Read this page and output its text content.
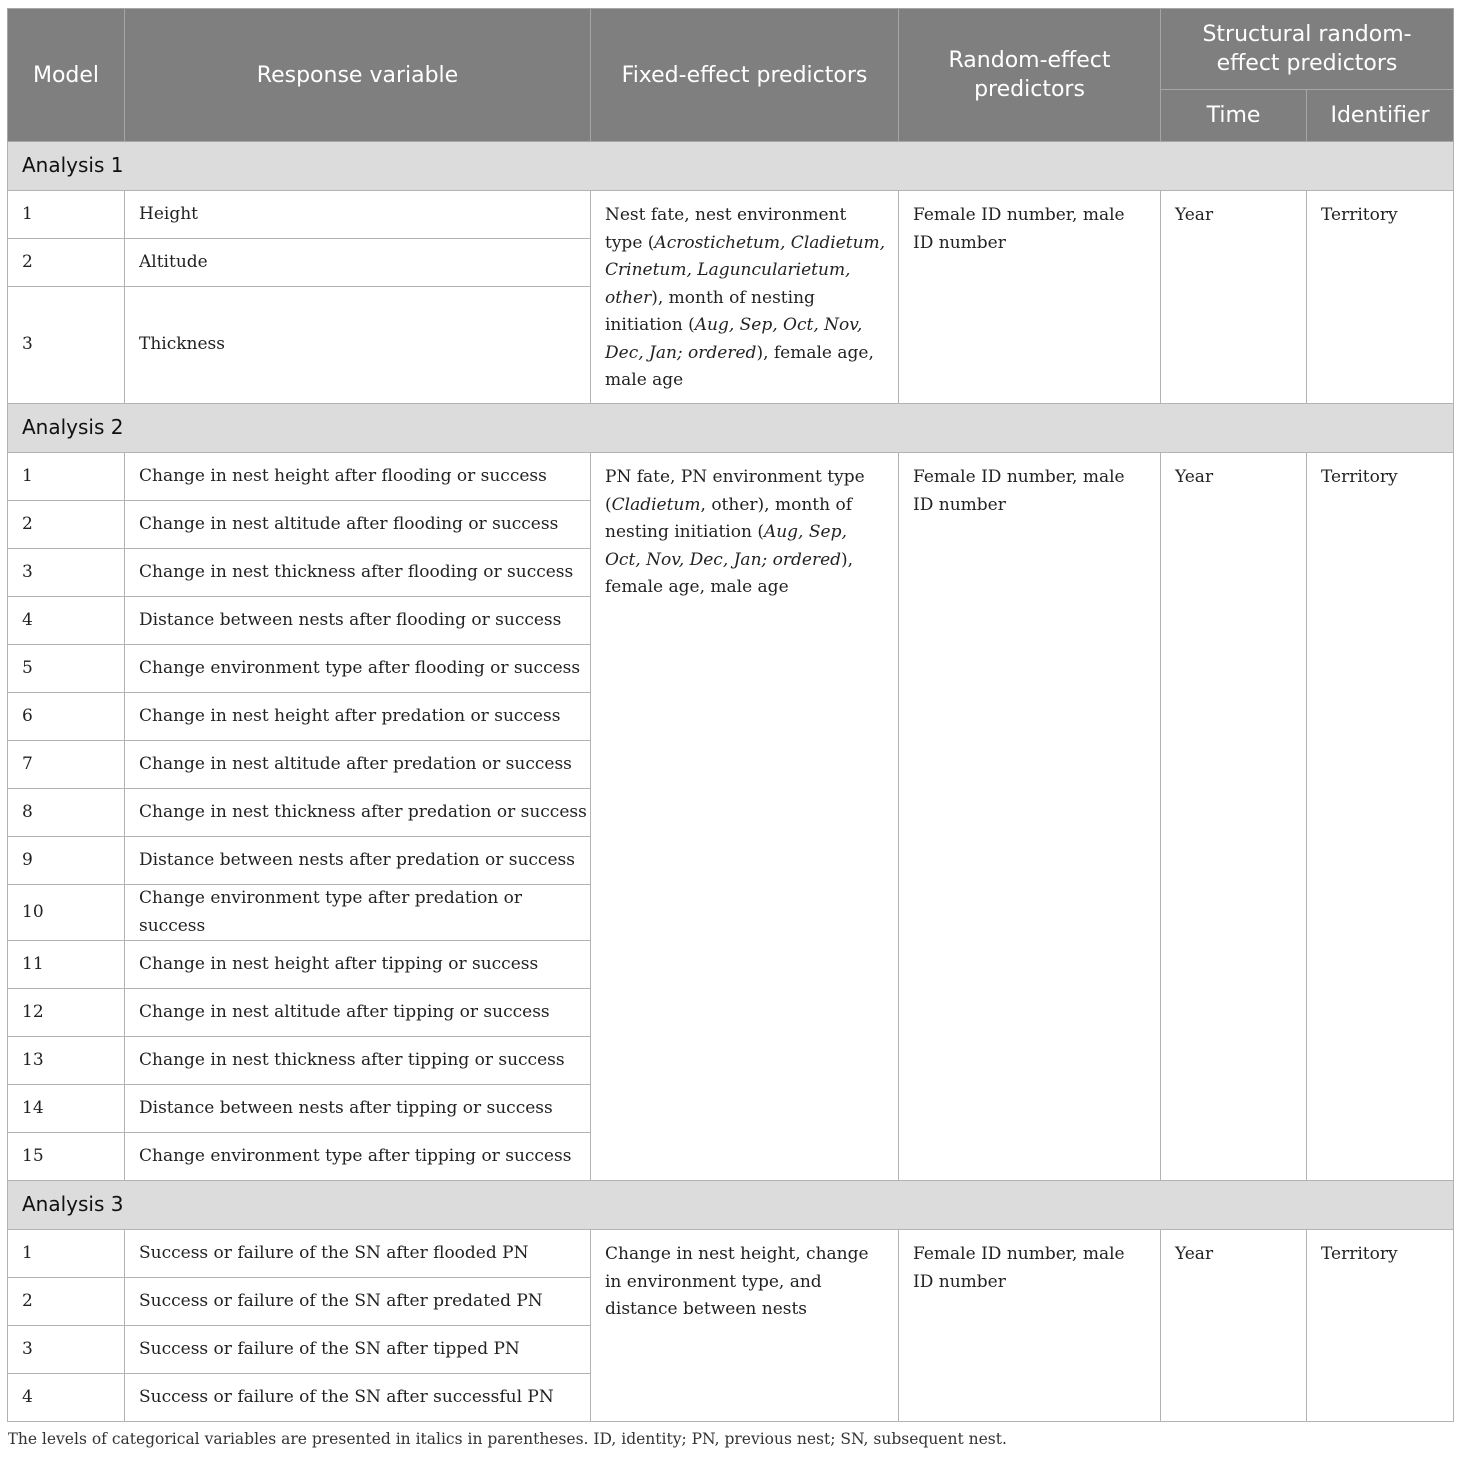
Model	Response variable	Fixed-effect predictors	Random-effect predictors	Structural random-effect predictors	
				Time	Identifier
Analysis 1					
1	Height	Nest fate, nest environment type (Acrostichetum, Cladietum, Crinetum, Laguncularietum, other), month of nesting initiation (Aug, Sep, Oct, Nov, Dec, Jan; ordered), female age, male age	Female ID number, male ID number	Year	Territory
2	Altitude				
3	Thickness				
Analysis 2					
1	Change in nest height after flooding or success	PN fate, PN environment type (Cladietum, other), month of nesting initiation (Aug, Sep, Oct, Nov, Dec, Jan; ordered), female age, male age	Female ID number, male ID number	Year	Territory
2	Change in nest altitude after flooding or success				
3	Change in nest thickness after flooding or success				
4	Distance between nests after flooding or success				
5	Change environment type after flooding or success				
6	Change in nest height after predation or success				
7	Change in nest altitude after predation or success				
8	Change in nest thickness after predation or success				
9	Distance between nests after predation or success				
10	Change environment type after predation or success				
11	Change in nest height after tipping or success				
12	Change in nest altitude after tipping or success				
13	Change in nest thickness after tipping or success				
14	Distance between nests after tipping or success				
15	Change environment type after tipping or success				
Analysis 3					
1	Success or failure of the SN after flooded PN	Change in nest height, change in environment type, and distance between nests	Female ID number, male ID number	Year	Territory
2	Success or failure of the SN after predated PN				
3	Success or failure of the SN after tipped PN				
4	Success or failure of the SN after successful PN				
The levels of categorical variables are presented in italics in parentheses. ID, identity; PN, previous nest; SN, subsequent nest.					
